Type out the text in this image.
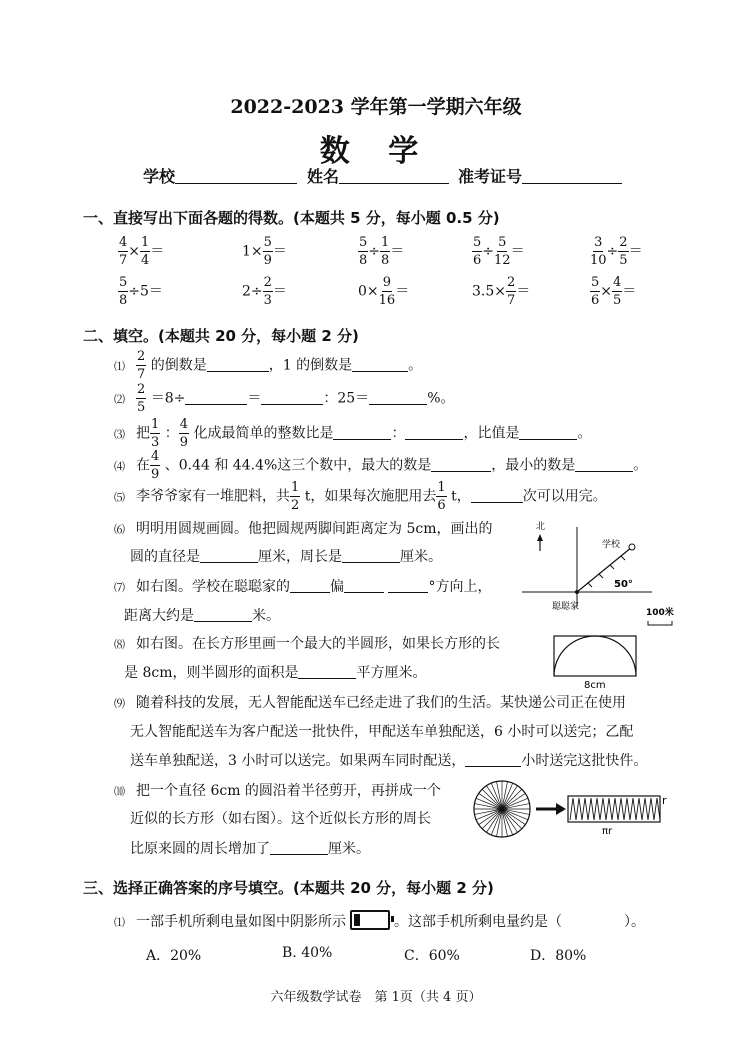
2022-2023 学年第一学期六年级
数 学
学校	姓名	准考证号
一、直接写出下面各题的得数。(本题共 5 分，每小题 0.5 分)
$\frac{4}{7} \times \frac{1}{4}$ ＝	$1\times \frac{5}{9}$ ＝	$\frac{5}{8} \div \frac{1}{8}$ ＝	$\frac{5}{6} \div \frac{5}{12}$ ＝	$\frac{3}{10} \div \frac{2}{5}$ ＝
$\frac{5}{8} \div 5=$	$2\div \frac{2}{3}$ ＝	$0\times \frac{9}{16}$ ＝	$3.5\times \frac{2}{7}$ ＝	$\frac{5}{6} \times \frac{4}{5}$ ＝
二、填空。(本题共 20 分，每小题 2 分)
⑴ $\frac{2}{7}$ 的倒数是	，1 的倒数是	。
⑵ $\frac{2}{5} =8\div$	＝	：25＝	%。
⑶ 把 $\frac{1}{3}$ ： $\frac{4}{9}$ 化成最简单的整数比是	：	，比值是	。
⑷ 在 $\frac{4}{9}$ 、0.44 和 44.4%这三个数中，最大的数是	，最小的数是	。
⑸ 李爷爷家有一堆肥料，共 $\frac{1}{2}$ t，如果每次施肥用去 $\frac{1}{6}$ t，	次可以用完。
⑹ 明明用圆规画圆。他把圆规两脚间距离定为 5cm，画出的
圆的直径是	厘米，周长是	厘米。
⑺ 如右图。学校在聪聪家的	偏	°方向上，
距离大约是	米。
⑻ 如右图。在长方形里画一个最大的半圆形，如果长方形的长
是 8cm，则半圆形的面积是	平方厘米。
⑼ 随着科技的发展，无人智能配送车已经走进了我们的生活。某快递公司正在使用
无人智能配送车为客户配送一批快件，甲配送车单独配送，6 小时可以送完；乙配
送车单独配送，3 小时可以送完。如果两车同时配送，	小时送完这批快件。
⑽ 把一个直径 6cm 的圆沿着半径剪开，再拼成一个
近似的长方形（如右图）。这个近似长方形的周长
比原来圆的周长增加了	厘米。
北
学校
50°
聪聪家
100米
8cm
r
πr
三、选择正确答案的序号填空。(本题共 20 分，每小题 2 分)
⑴ 一部手机所剩电量如图中阴影所示	。这部手机所剩电量约是（	）。
A．20%	B. 40%	C．60%	D．80%
六年级数学试卷　第 1页（共 4 页）
